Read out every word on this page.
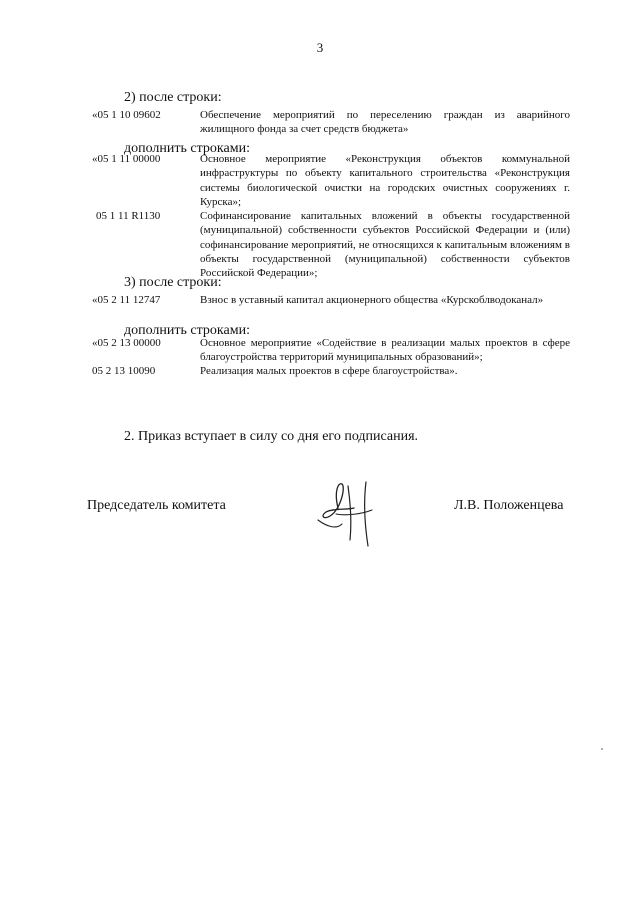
3
2) после строки:
«05 1 10 09602	Обеспечение мероприятий по переселению граждан из аварийного жилищного фонда за счет средств бюджета»
дополнить строками:
«05 1 11 00000	Основное мероприятие «Реконструкция объектов коммунальной инфраструктуры по объекту капитального строительства «Реконструкция системы биологической очистки на городских очистных сооружениях г. Курска»;
05 1 11 R1130	Софинансирование капитальных вложений в объекты государственной (муниципальной) собственности субъектов Российской Федерации и (или) софинансирование мероприятий, не относящихся к капитальным вложениям в объекты государственной (муниципальной) собственности субъектов Российской Федерации»;
3) после строки:
«05 2 11 12747	Взнос в уставный капитал акционерного общества «Курскоблводоканал»
дополнить строками:
«05 2 13 00000	Основное мероприятие «Содействие в реализации малых проектов в сфере благоустройства территорий муниципальных образований»;
05 2 13 10090	Реализация малых проектов в сфере благоустройства».
2. Приказ вступает в силу со дня его подписания.
Председатель комитета	Л.В. Положенцева
